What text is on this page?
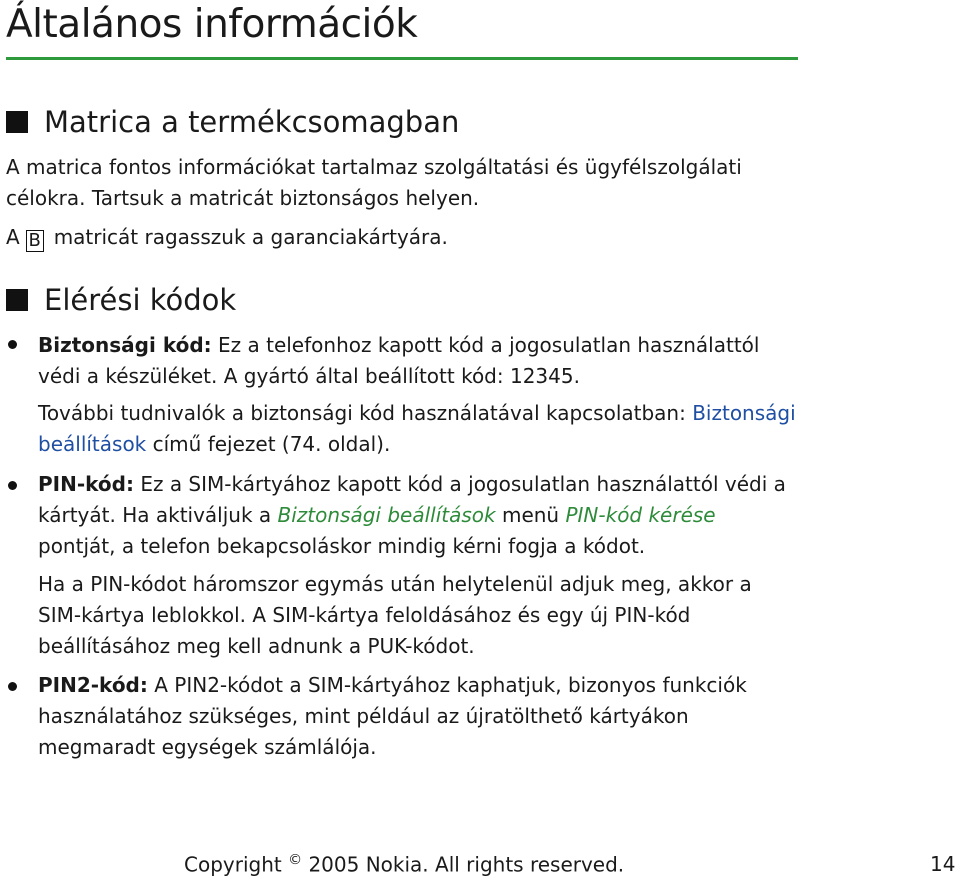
Általános információk
Matrica a termékcsomagban

A matrica fontos információkat tartalmaz szolgáltatási és ügyfélszolgálati célokra. Tartsuk a matricát biztonságos helyen.

A B matricát ragasszuk a garanciakártyára.

Elérési kódok

Biztonsági kód: Ez a telefonhoz kapott kód a jogosulatlan használattól védi a készüléket. A gyártó által beállított kód: 12345.

További tudnivalók a biztonsági kód használatával kapcsolatban: Biztonsági beállítások című fejezet (74. oldal).

PIN-kód: Ez a SIM-kártyához kapott kód a jogosulatlan használattól védi a kártyát. Ha aktiváljuk a Biztonsági beállítások menü PIN-kód kérése pontját, a telefon bekapcsoláskor mindig kérni fogja a kódot.

Ha a PIN-kódot háromszor egymás után helytelenül adjuk meg, akkor a SIM-kártya leblokkol. A SIM-kártya feloldásához és egy új PIN-kód beállításához meg kell adnunk a PUK-kódot.

PIN2-kód: A PIN2-kódot a SIM-kártyához kaphatjuk, bizonyos funkciók használatához szükséges, mint például az újratölthető kártyákon megmaradt egységek számlálója.

Copyright © 2005 Nokia. All rights reserved.	14
